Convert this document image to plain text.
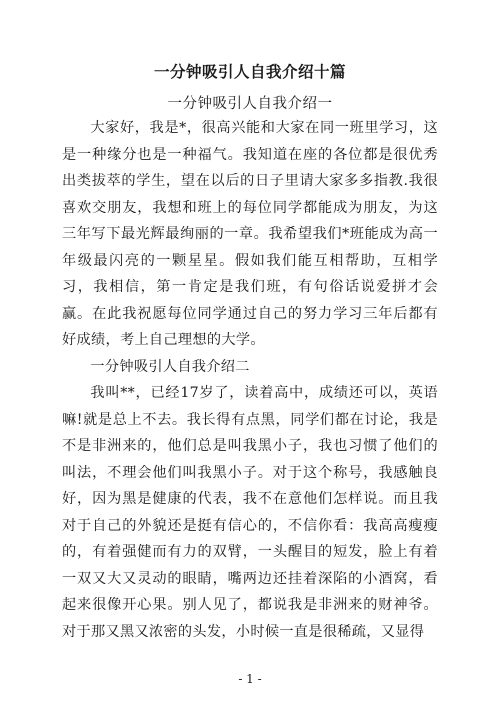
一分钟吸引人自我介绍十篇
一分钟吸引人自我介绍一

大家好，我是*，很高兴能和大家在同一班里学习，这是一种缘分也是一种福气。我知道在座的各位都是很优秀出类拔萃的学生，望在以后的日子里请大家多多指教.我很喜欢交朋友，我想和班上的每位同学都能成为朋友，为这三年写下最光辉最绚丽的一章。我希望我们*班能成为高一年级最闪亮的一颗星星。假如我们能互相帮助，互相学习，我相信，第一肯定是我们班，有句俗话说爱拼才会赢。在此我祝愿每位同学通过自己的努力学习三年后都有好成绩，考上自己理想的大学。

一分钟吸引人自我介绍二

我叫**，已经17岁了，读着高中，成绩还可以，英语嘛!就是总上不去。我长得有点黑，同学们都在讨论，我是不是非洲来的，他们总是叫我黑小子，我也习惯了他们的叫法，不理会他们叫我黑小子。对于这个称号，我感触良好，因为黑是健康的代表，我不在意他们怎样说。而且我对于自己的外貌还是挺有信心的，不信你看：我高高瘦瘦的，有着强健而有力的双臂，一头醒目的短发，脸上有着一双又大又灵动的眼睛，嘴两边还挂着深陷的小酒窝，看起来很像开心果。别人见了，都说我是非洲来的财神爷。对于那又黑又浓密的头发，小时候一直是很稀疏，又显得

- 1 -
